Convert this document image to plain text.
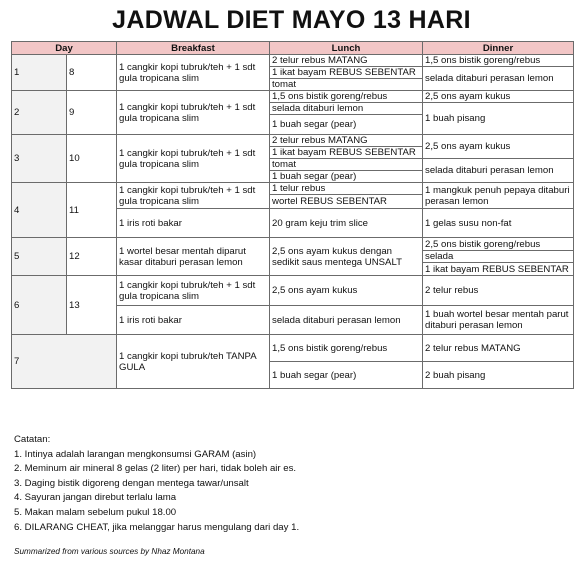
JADWAL DIET MAYO 13 HARI
Day		Breakfast	Lunch	Dinner
1	8	1 cangkir kopi tubruk/teh + 1 sdt gula tropicana slim	2 telur rebus MATANG	1,5 ons bistik goreng/rebus
			1 ikat bayam REBUS SEBENTAR	selada ditaburi perasan lemon
			tomat	
2	9	1 cangkir kopi tubruk/teh + 1 sdt gula tropicana slim	1,5 ons bistik goreng/rebus	2,5 ons ayam kukus
			selada ditaburi lemon	1 buah pisang
			1 buah segar (pear)	
3	10	1 cangkir kopi tubruk/teh + 1 sdt gula tropicana slim	2 telur rebus MATANG	2,5 ons ayam kukus
			1 ikat bayam REBUS SEBENTAR	
			tomat	selada ditaburi perasan lemon
			1 buah segar (pear)	
4	11	1 cangkir kopi tubruk/teh + 1 sdt gula tropicana slim	1 telur rebus	1 mangkuk penuh pepaya ditaburi perasan lemon
			wortel REBUS SEBENTAR	
		1 iris roti bakar	20 gram keju trim slice	1 gelas susu non-fat
5	12	1 wortel besar mentah diparut kasar ditaburi perasan lemon	2,5 ons ayam kukus dengan sedikit saus mentega UNSALT	2,5 ons bistik goreng/rebus
				selada
				1 ikat bayam REBUS SEBENTAR
6	13	1 cangkir kopi tubruk/teh + 1 sdt gula tropicana slim	2,5 ons ayam kukus	2 telur rebus
		1 iris roti bakar	selada ditaburi perasan lemon	1 buah wortel besar mentah parut ditaburi perasan lemon
7		1 cangkir kopi tubruk/teh TANPA GULA	1,5 ons bistik goreng/rebus	2 telur rebus MATANG
			1 buah segar (pear)	2 buah pisang
Catatan:
1. Intinya adalah larangan mengkonsumsi GARAM (asin)
2. Meminum air mineral 8 gelas (2 liter) per hari, tidak boleh air es.
3. Daging bistik digoreng dengan mentega tawar/unsalt
4. Sayuran jangan direbut terlalu lama
5. Makan malam sebelum pukul 18.00
6. DILARANG CHEAT, jika melanggar harus mengulang dari day 1.
Summarized from various sources by Nhaz Montana
